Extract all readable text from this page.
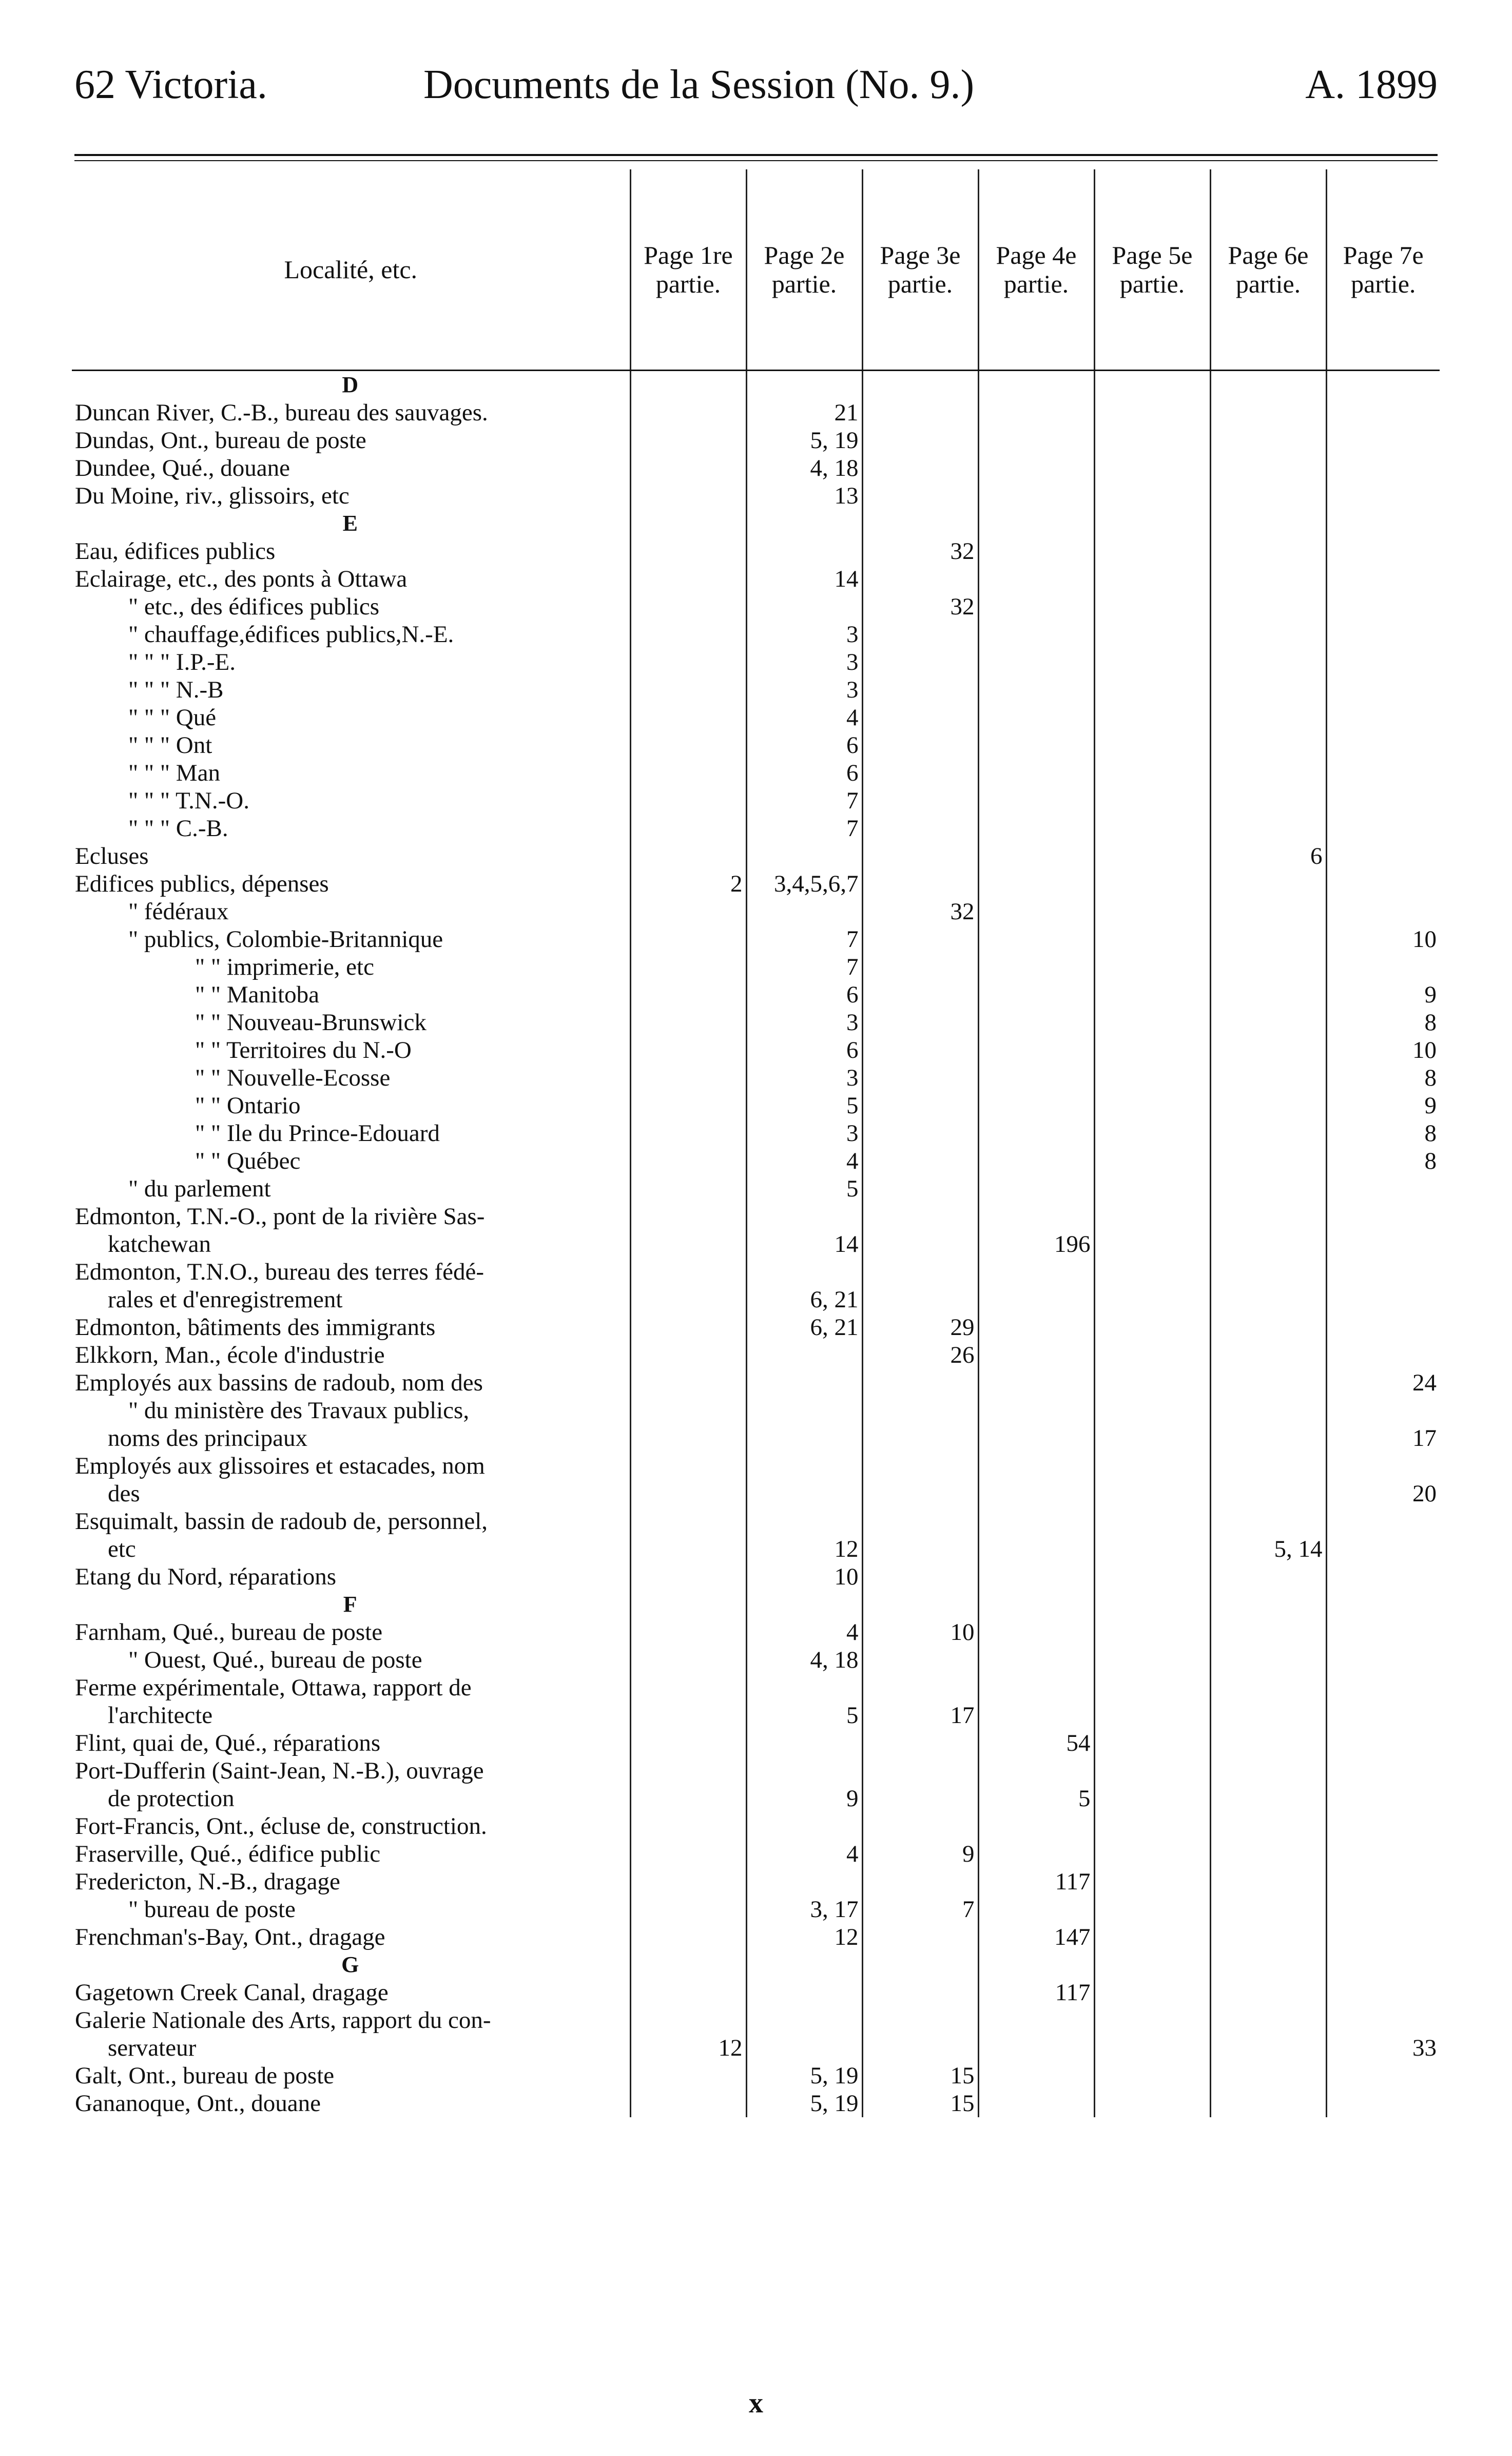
62 Victoria.	Documents de la Session (No. 9.)	A. 1899
Localité, etc.	Page 1re partie.	Page 2e partie.	Page 3e partie.	Page 4e partie.	Page 5e partie.	Page 6e partie.	Page 7e partie.
D							
Duncan River, C.-B., bureau des sauvages.		21					
Dundas, Ont., bureau de poste		5, 19					
Dundee, Qué., douane		4, 18					
Du Moine, riv., glissoirs, etc		13					
E							
Eau, édifices publics			32				
Eclairage, etc., des ponts à Ottawa		14					
" etc., des édifices publics			32				
" chauffage,édifices publics,N.-E.		3					
" " " I.P.-E.		3					
" " " N.-B		3					
" " " Qué		4					
" " " Ont		6					
" " " Man		6					
" " " T.N.-O.		7					
" " " C.-B.		7					
Ecluses						6	
Edifices publics, dépenses	2	3,4,5,6,7					
" fédéraux			32				
" publics, Colombie-Britannique		7					10
" " imprimerie, etc		7					
" " Manitoba		6					9
" " Nouveau-Brunswick		3					8
" " Territoires du N.-O		6					10
" " Nouvelle-Ecosse		3					8
" " Ontario		5					9
" " Ile du Prince-Edouard		3					8
" " Québec		4					8
" du parlement		5					
Edmonton, T.N.-O., pont de la rivière Sas-							
katchewan		14		196			
Edmonton, T.N.O., bureau des terres fédé-							
rales et d'enregistrement		6, 21					
Edmonton, bâtiments des immigrants		6, 21	29				
Elkkorn, Man., école d'industrie			26				
Employés aux bassins de radoub, nom des							24
" du ministère des Travaux publics,							
noms des principaux							17
Employés aux glissoires et estacades, nom							
des							20
Esquimalt, bassin de radoub de, personnel,							
etc		12				5, 14	
Etang du Nord, réparations		10					
F							
Farnham, Qué., bureau de poste		4	10				
" Ouest, Qué., bureau de poste		4, 18					
Ferme expérimentale, Ottawa, rapport de							
l'architecte		5	17				
Flint, quai de, Qué., réparations				54			
Port-Dufferin (Saint-Jean, N.-B.), ouvrage							
de protection		9		5			
Fort-Francis, Ont., écluse de, construction.							
Fraserville, Qué., édifice public		4	9				
Fredericton, N.-B., dragage				117			
" bureau de poste		3, 17	7				
Frenchman's-Bay, Ont., dragage		12		147			
G							
Gagetown Creek Canal, dragage				117			
Galerie Nationale des Arts, rapport du con-							
servateur	12						33
Galt, Ont., bureau de poste		5, 19	15				
Gananoque, Ont., douane		5, 19	15				
x
